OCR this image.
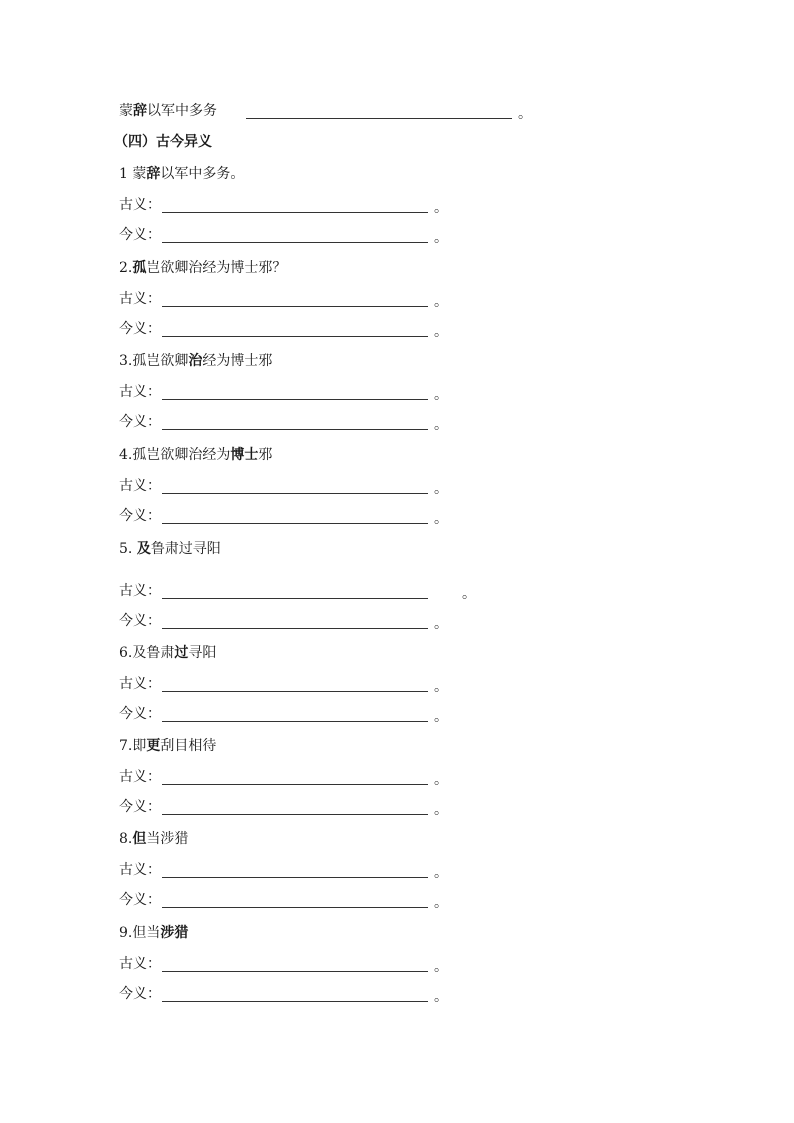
蒙辞以军中多务	。
（四）古今异义
1 蒙辞以军中多务。
古义：	。
今义：	。
2.孤岂欲卿治经为博士邪？
古义：	。
今义：	。
3.孤岂欲卿治经为博士邪
古义：	。
今义：	。
4.孤岂欲卿治经为博士邪
古义：	。
今义：	。
5. 及鲁肃过寻阳
古义：	。
今义：	。
6.及鲁肃过寻阳
古义：	。
今义：	。
7.即更刮目相待
古义：	。
今义：	。
8.但当涉猎
古义：	。
今义：	。
9.但当涉猎
古义：	。
今义：	。
